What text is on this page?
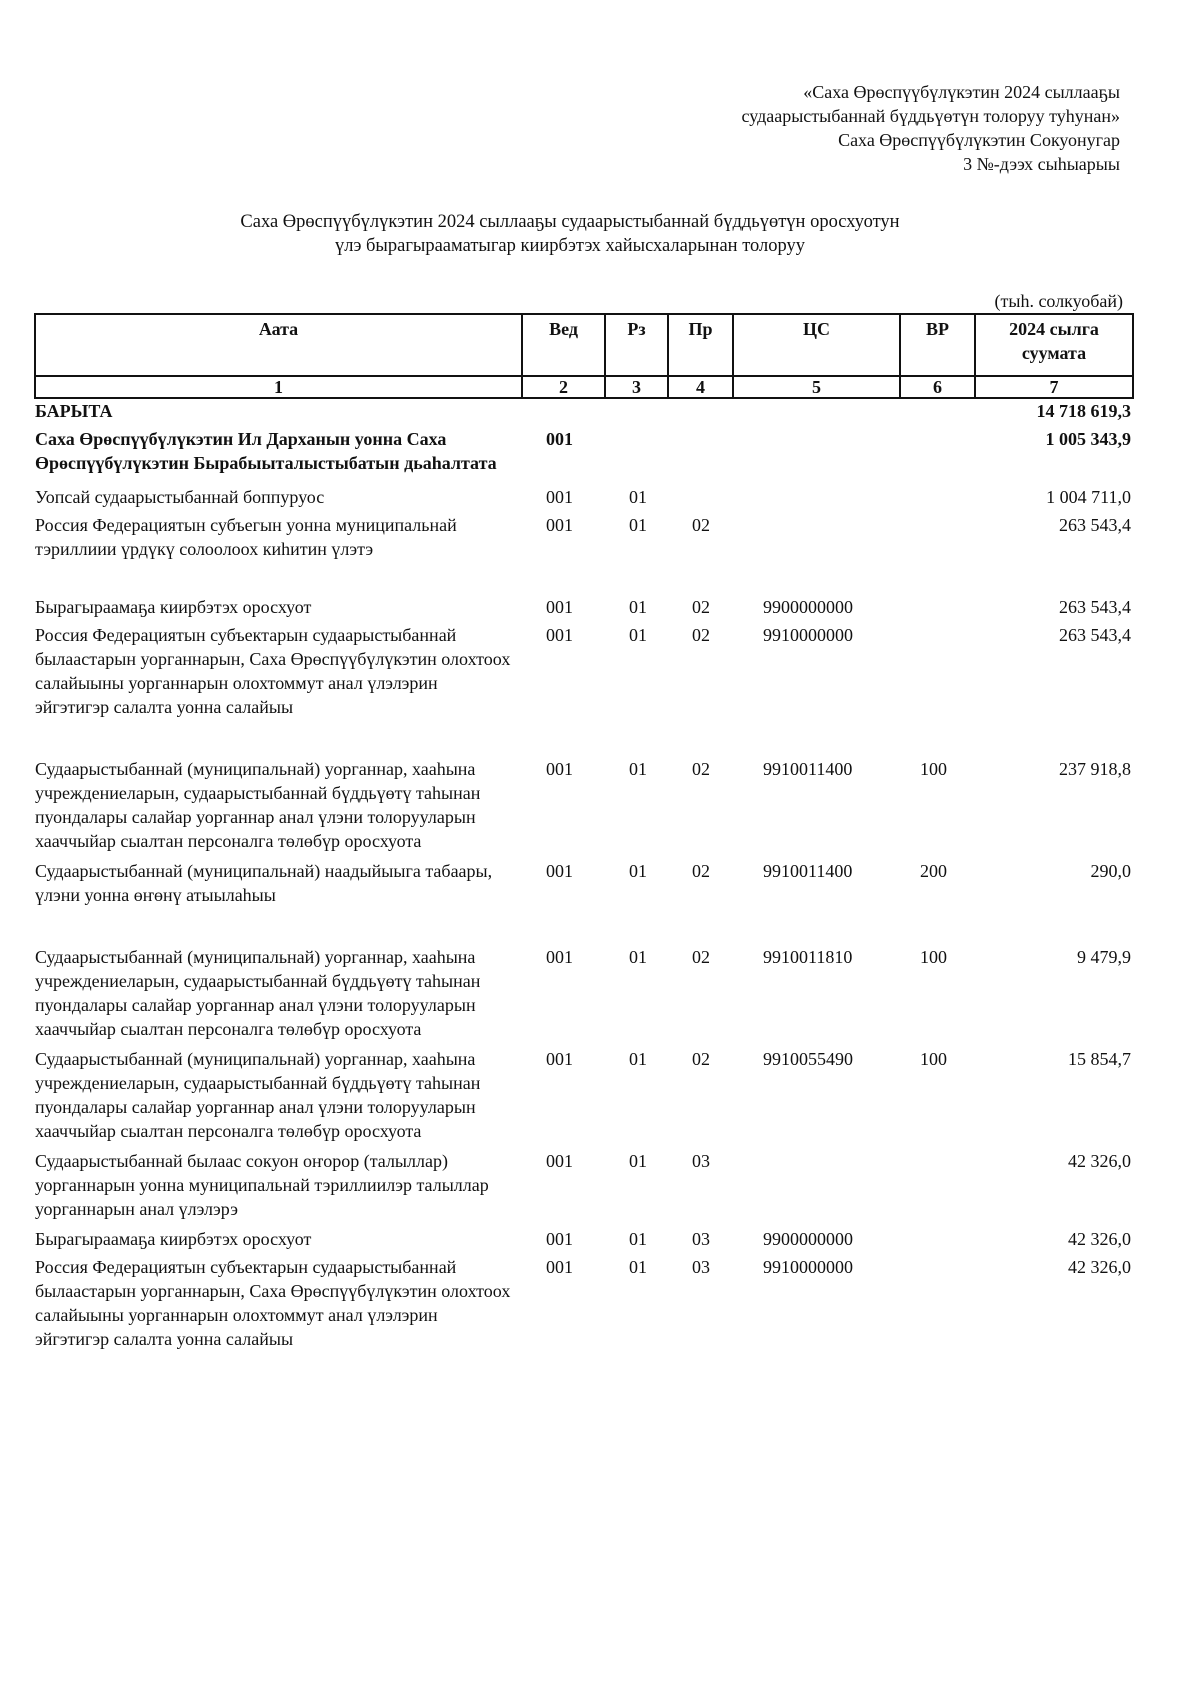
«Саха Өрөспүүбүлүкэтин 2024 сыллааҕы
судаарыстыбаннай бүддьүөтүн толоруу туһунан»
Саха Өрөспүүбүлүкэтин Сокуонугар
3 №-дээх сыһыарыы
Саха Өрөспүүбүлүкэтин 2024 сыллааҕы судаарыстыбаннай бүддьүөтүн оросхуотун
үлэ бырагырааматыгар киирбэтэх хайысхаларынан толоруу
(тыһ. солкуобай)
Аата	Вед	Рз	Пр	ЦС	ВР	2024 сылга суумата
1	2	3	4	5	6	7
БАРЫТА						14 718 619,3
Саха Өрөспүүбүлүкэтин Ил Дарханын уонна Саха Өрөспүүбүлүкэтин Бырабыыталыстыбатын дьаһалтата	001					1 005 343,9
Уопсай судаарыстыбаннай боппуруос	001	01				1 004 711,0
Россия Федерациятын субъегын уонна муниципальнай тэриллиии үрдүкү солоолоох киһитин үлэтэ	001	01	02			263 543,4
Бырагыраамаҕа киирбэтэх оросхуот	001	01	02	9900000000		263 543,4
Россия Федерациятын субъектарын судаарыстыбаннай былаастарын уорганнарын, Саха Өрөспүүбүлүкэтин олохтоох салайыыны уорганнарын олохтоммут анал үлэлэрин эйгэтигэр салалта уонна салайыы	001	01	02	9910000000		263 543,4
Судаарыстыбаннай (муниципальнай) уорганнар, хааһына учреждениеларын, судаарыстыбаннай бүддьүөтү таһынан пуондалары салайар уорганнар анал үлэни толорууларын хааччыйар сыалтан персоналга төлөбүр оросхуота	001	01	02	9910011400	100	237 918,8
Судаарыстыбаннай (муниципальнай) наадыйыыга табаары, үлэни уонна өҥөнү атыылаһыы	001	01	02	9910011400	200	290,0
Судаарыстыбаннай (муниципальнай) уорганнар, хааһына учреждениеларын, судаарыстыбаннай бүддьүөтү таһынан пуондалары салайар уорганнар анал үлэни толорууларын хааччыйар сыалтан персоналга төлөбүр оросхуота	001	01	02	9910011810	100	9 479,9
Судаарыстыбаннай (муниципальнай) уорганнар, хааһына учреждениеларын, судаарыстыбаннай бүддьүөтү таһынан пуондалары салайар уорганнар анал үлэни толорууларын хааччыйар сыалтан персоналга төлөбүр оросхуота	001	01	02	9910055490	100	15 854,7
Судаарыстыбаннай былаас сокуон оҥорор (талыллар) уорганнарын уонна муниципальнай тэриллиилэр талыллар уорганнарын анал үлэлэрэ	001	01	03			42 326,0
Бырагыраамаҕа киирбэтэх оросхуот	001	01	03	9900000000		42 326,0
Россия Федерациятын субъектарын судаарыстыбаннай былаастарын уорганнарын, Саха Өрөспүүбүлүкэтин олохтоох салайыыны уорганнарын олохтоммут анал үлэлэрин эйгэтигэр салалта уонна салайыы	001	01	03	9910000000		42 326,0
